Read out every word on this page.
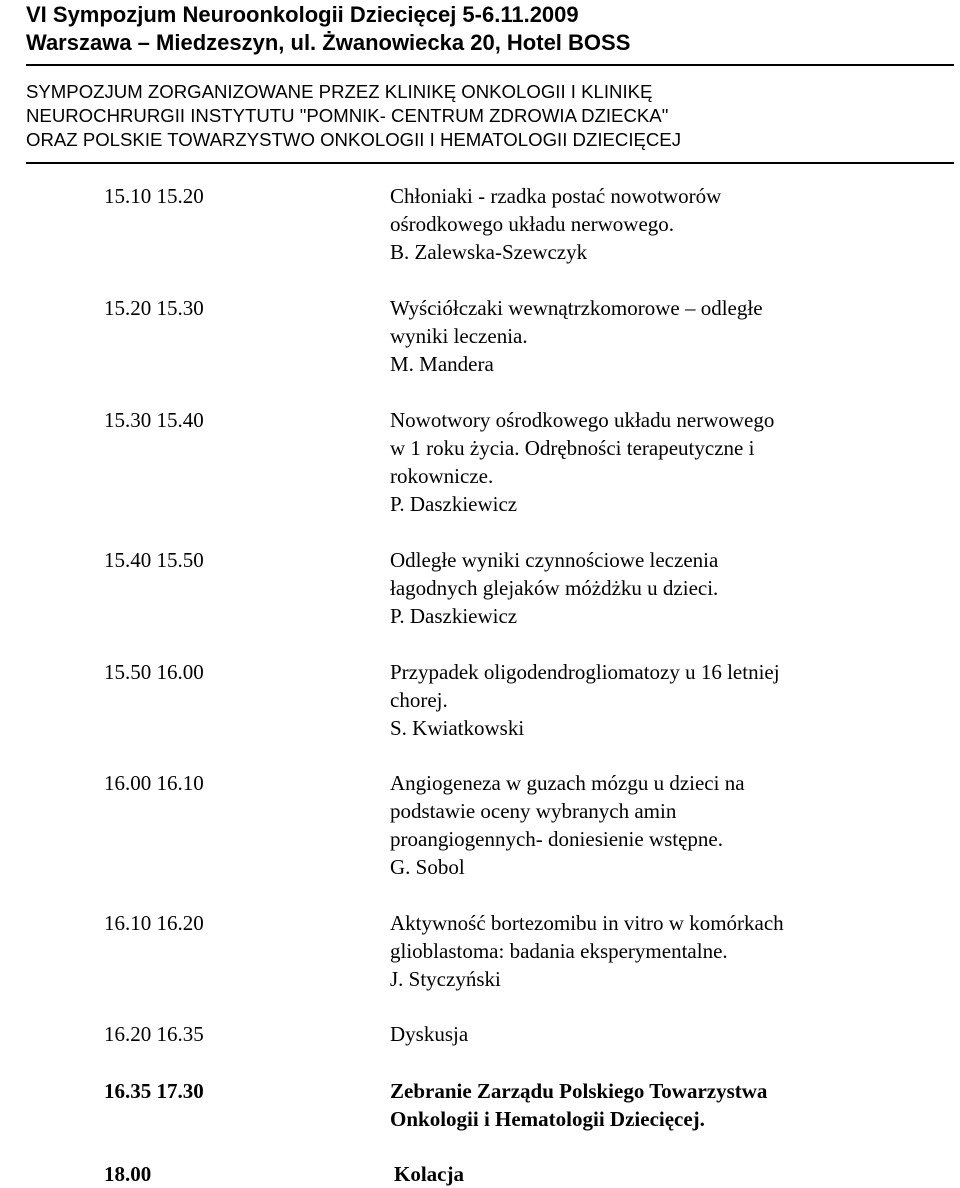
VI Sympozjum Neuroonkologii Dziecięcej 5-6.11.2009
Warszawa – Miedzeszyn, ul. Żwanowiecka 20, Hotel BOSS
SYMPOZJUM ZORGANIZOWANE PRZEZ KLINIKĘ ONKOLOGII I KLINIKĘ
NEUROCHRURGII INSTYTUTU "POMNIK- CENTRUM ZDROWIA DZIECKA"
ORAZ POLSKIE TOWARZYSTWO ONKOLOGII I HEMATOLOGII DZIECIĘCEJ
15.10 15.20	Chłoniaki - rzadka postać nowotworów
ośrodkowego układu nerwowego.
B. Zalewska-Szewczyk
15.20 15.30	Wyściółczaki wewnątrzkomorowe – odległe
wyniki leczenia.
M. Mandera
15.30 15.40	Nowotwory ośrodkowego układu nerwowego
w 1 roku życia. Odrębności terapeutyczne i
rokownicze.
P. Daszkiewicz
15.40 15.50	Odległe wyniki czynnościowe leczenia
łagodnych glejaków móżdżku u dzieci.
P. Daszkiewicz
15.50 16.00	Przypadek oligodendrogliomatozy u 16 letniej
chorej.
S. Kwiatkowski
16.00 16.10	Angiogeneza w guzach mózgu u dzieci na
podstawie oceny wybranych amin
proangiogennych- doniesienie wstępne.
G. Sobol
16.10 16.20	Aktywność bortezomibu in vitro w komórkach
glioblastoma: badania eksperymentalne.
J. Styczyński
16.20 16.35	Dyskusja
16.35 17.30	Zebranie Zarządu Polskiego Towarzystwa
Onkologii i Hematologii Dziecięcej.
18.00	Kolacja
